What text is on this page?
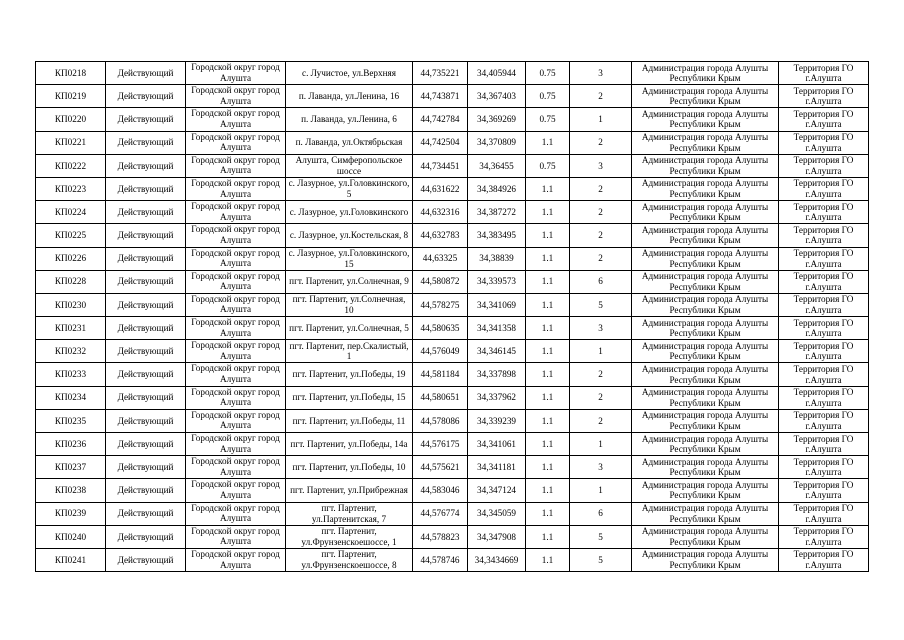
КП0218	Действующий	Городской округ город Алушта	с. Лучистое, ул.Верхняя	44,735221	34,405944	0.75	3	Администрация города Алушты Республики Крым	Территория ГО г.Алушта
КП0219	Действующий	Городской округ город Алушта	п. Лаванда, ул.Ленина, 16	44,743871	34,367403	0.75	2	Администрация города Алушты Республики Крым	Территория ГО г.Алушта
КП0220	Действующий	Городской округ город Алушта	п. Лаванда, ул.Ленина, 6	44,742784	34,369269	0.75	1	Администрация города Алушты Республики Крым	Территория ГО г.Алушта
КП0221	Действующий	Городской округ город Алушта	п. Лаванда, ул.Октябрьская	44,742504	34,370809	1.1	2	Администрация города Алушты Республики Крым	Территория ГО г.Алушта
КП0222	Действующий	Городской округ город Алушта	Алушта, Симферопольское шоссе	44,734451	34,36455	0.75	3	Администрация города Алушты Республики Крым	Территория ГО г.Алушта
КП0223	Действующий	Городской округ город Алушта	с. Лазурное, ул.Головкинского, 5	44,631622	34,384926	1.1	2	Администрация города Алушты Республики Крым	Территория ГО г.Алушта
КП0224	Действующий	Городской округ город Алушта	с. Лазурное, ул.Головкинского	44,632316	34,387272	1.1	2	Администрация города Алушты Республики Крым	Территория ГО г.Алушта
КП0225	Действующий	Городской округ город Алушта	с. Лазурное, ул.Костельская, 8	44,632783	34,383495	1.1	2	Администрация города Алушты Республики Крым	Территория ГО г.Алушта
КП0226	Действующий	Городской округ город Алушта	с. Лазурное, ул.Головкинского, 15	44,63325	34,38839	1.1	2	Администрация города Алушты Республики Крым	Территория ГО г.Алушта
КП0228	Действующий	Городской округ город Алушта	пгт. Партенит, ул.Солнечная, 9	44,580872	34,339573	1.1	6	Администрация города Алушты Республики Крым	Территория ГО г.Алушта
КП0230	Действующий	Городской округ город Алушта	пгт. Партенит, ул.Солнечная, 10	44,578275	34,341069	1.1	5	Администрация города Алушты Республики Крым	Территория ГО г.Алушта
КП0231	Действующий	Городской округ город Алушта	пгт. Партенит, ул.Солнечная, 5	44,580635	34,341358	1.1	3	Администрация города Алушты Республики Крым	Территория ГО г.Алушта
КП0232	Действующий	Городской округ город Алушта	пгт. Партенит, пер.Скалистый, 1	44,576049	34,346145	1.1	1	Администрация города Алушты Республики Крым	Территория ГО г.Алушта
КП0233	Действующий	Городской округ город Алушта	пгт. Партенит, ул.Победы, 19	44,581184	34,337898	1.1	2	Администрация города Алушты Республики Крым	Территория ГО г.Алушта
КП0234	Действующий	Городской округ город Алушта	пгт. Партенит, ул.Победы, 15	44,580651	34,337962	1.1	2	Администрация города Алушты Республики Крым	Территория ГО г.Алушта
КП0235	Действующий	Городской округ город Алушта	пгт. Партенит, ул.Победы, 11	44,578086	34,339239	1.1	2	Администрация города Алушты Республики Крым	Территория ГО г.Алушта
КП0236	Действующий	Городской округ город Алушта	пгт. Партенит, ул.Победы, 14а	44,576175	34,341061	1.1	1	Администрация города Алушты Республики Крым	Территория ГО г.Алушта
КП0237	Действующий	Городской округ город Алушта	пгт. Партенит, ул.Победы, 10	44,575621	34,341181	1.1	3	Администрация города Алушты Республики Крым	Территория ГО г.Алушта
КП0238	Действующий	Городской округ город Алушта	пгт. Партенит, ул.Прибрежная	44,583046	34,347124	1.1	1	Администрация города Алушты Республики Крым	Территория ГО г.Алушта
КП0239	Действующий	Городской округ город Алушта	пгт. Партенит, ул.Партенитская, 7	44,576774	34,345059	1.1	6	Администрация города Алушты Республики Крым	Территория ГО г.Алушта
КП0240	Действующий	Городской округ город Алушта	пгт. Партенит, ул.Фрунзенскоешоссе, 1	44,578823	34,347908	1.1	5	Администрация города Алушты Республики Крым	Территория ГО г.Алушта
КП0241	Действующий	Городской округ город Алушта	пгт. Партенит, ул.Фрунзенскоешоссе, 8	44,578746	34,3434669	1.1	5	Администрация города Алушты Республики Крым	Территория ГО г.Алушта
